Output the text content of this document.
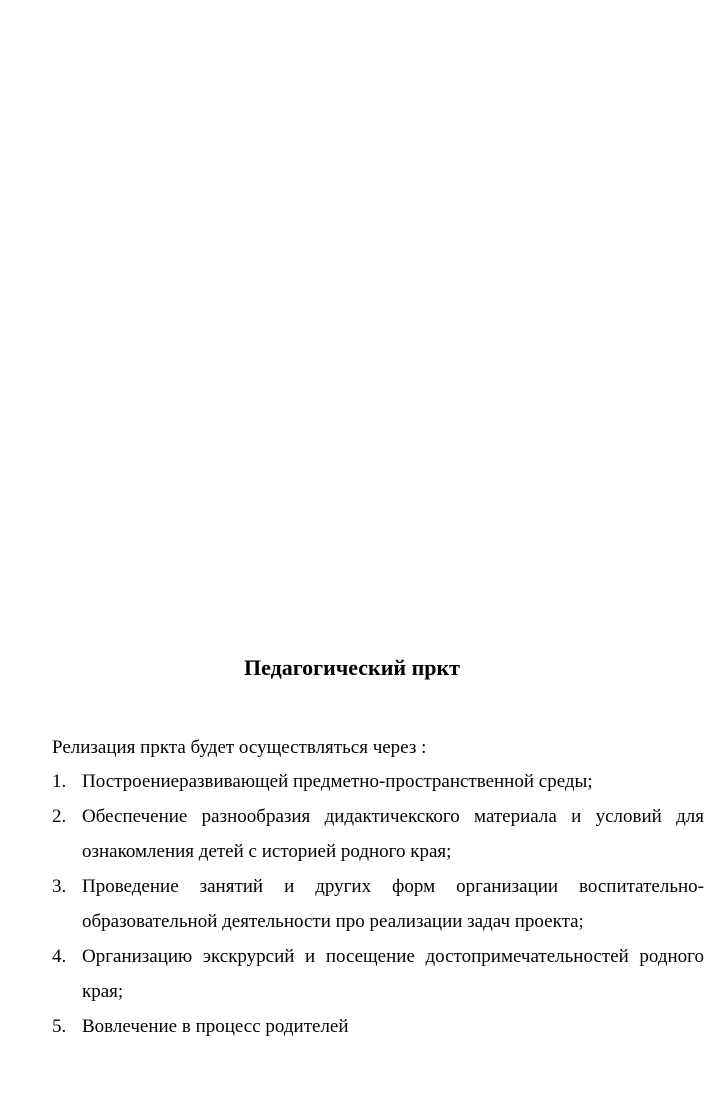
Педагогический пркт
Релизация пркта будет осуществляться через :
1. Построениеразвивающей предметно-пространственной среды;
2. Обеспечение разнообразия дидактичекского материала и условий для ознакомления детей с историей родного края;
3. Проведение занятий и других форм организации воспитательно-образовательной деятельности про реализации задач проекта;
4. Организацию экскрурсий и посещение достопримечательностей родного края;
5. Вовлечение в процесс родителей
